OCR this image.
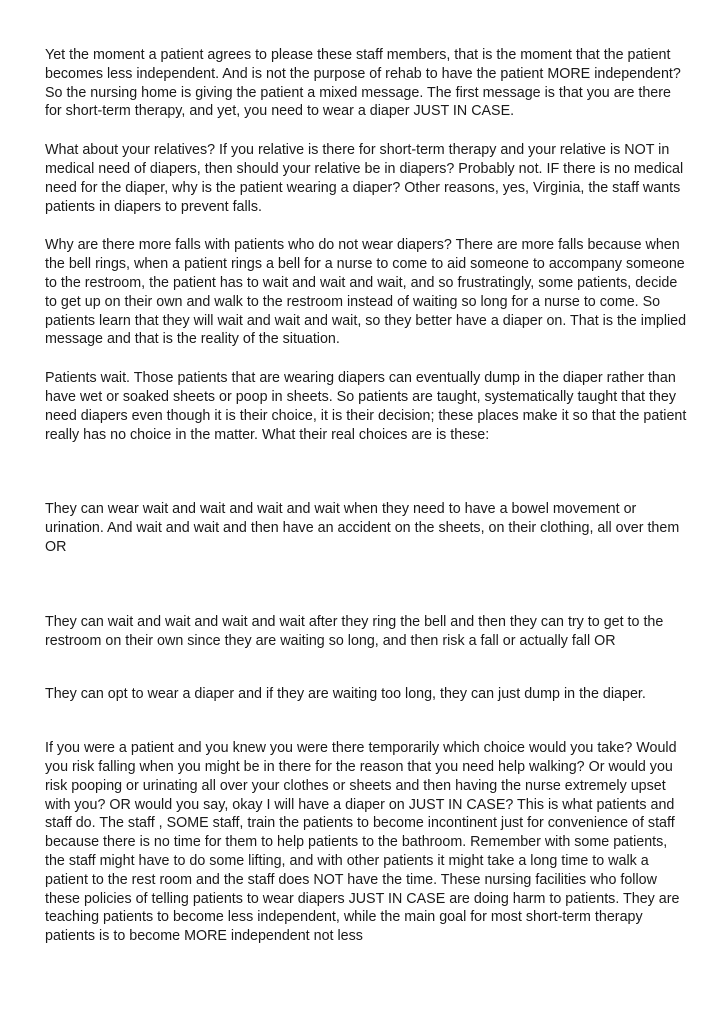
Yet the moment a patient agrees to please these staff members, that is the moment that the patient becomes less independent. And is not the purpose of rehab to have the patient MORE independent? So the nursing home is giving the patient a mixed message. The first message is that you are there for short-term therapy, and yet, you need to wear a diaper JUST IN CASE.

What about your relatives? If you relative is there for short-term therapy and your relative is NOT in medical need of diapers, then should your relative be in diapers? Probably not. IF there is no medical need for the diaper, why is the patient wearing a diaper? Other reasons, yes, Virginia, the staff wants patients in diapers to prevent falls.

Why are there more falls with patients who do not wear diapers? There are more falls because when the bell rings, when a patient rings a bell for a nurse to come to aid someone to accompany someone to the restroom, the patient has to wait and wait and wait, and so frustratingly, some patients, decide to get up on their own and walk to the restroom instead of waiting so long for a nurse to come. So patients learn that they will wait and wait and wait, so they better have a diaper on. That is the implied message and that is the reality of the situation.

Patients wait. Those patients that are wearing diapers can eventually dump in the diaper rather than have wet or soaked sheets or poop in sheets. So patients are taught, systematically taught that they need diapers even though it is their choice, it is their decision; these places make it so that the patient really has no choice in the matter. What their real choices are is these:

They can wear wait and wait and wait and wait when they need to have a bowel movement or urination. And wait and wait and then have an accident on the sheets, on their clothing, all over them OR

They can wait and wait and wait and wait after they ring the bell and then they can try to get to the restroom on their own since they are waiting so long, and then risk a fall or actually fall OR

They can opt to wear a diaper and if they are waiting too long, they can just dump in the diaper.

If you were a patient and you knew you were there temporarily which choice would you take? Would you risk falling when you might be in there for the reason that you need help walking? Or would you risk pooping or urinating all over your clothes or sheets and then having the nurse extremely upset with you? OR would you say, okay I will have a diaper on JUST IN CASE? This is what patients and staff do. The staff , SOME staff, train the patients to become incontinent just for convenience of staff because there is no time for them to help patients to the bathroom. Remember with some patients, the staff might have to do some lifting, and with other patients it might take a long time to walk a patient to the rest room and the staff does NOT have the time. These nursing facilities who follow these policies of telling patients to wear diapers JUST IN CASE are doing harm to patients. They are teaching patients to become less independent, while the main goal for most short-term therapy patients is to become MORE independent not less
